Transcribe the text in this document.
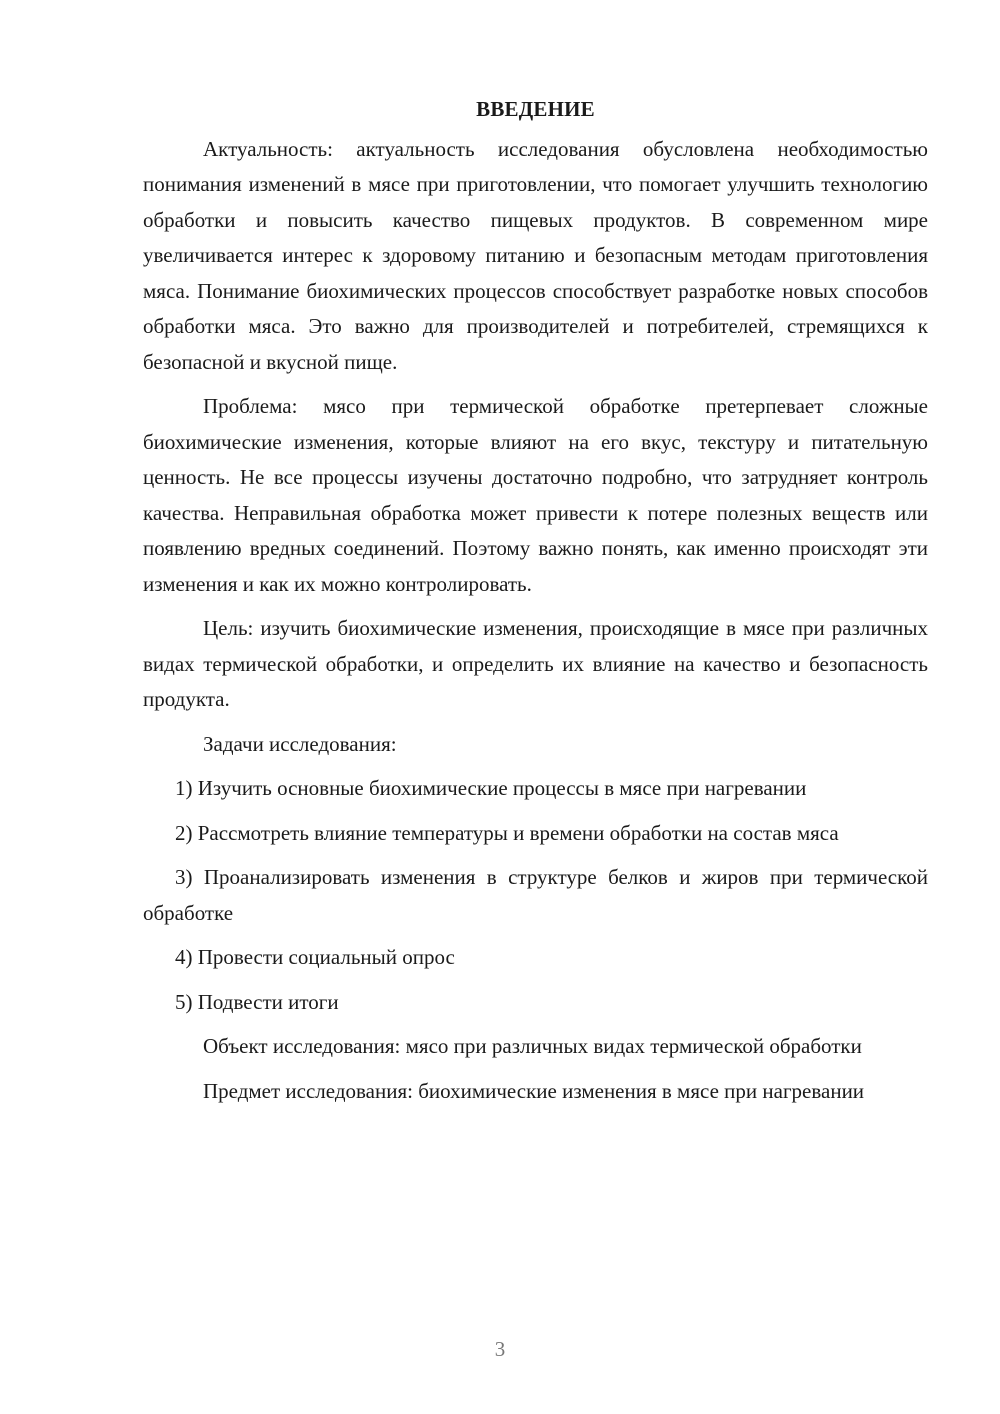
ВВЕДЕНИЕ

Актуальность: актуальность исследования обусловлена необходимостью понимания изменений в мясе при приготовлении, что помогает улучшить технологию обработки и повысить качество пищевых продуктов. В современном мире увеличивается интерес к здоровому питанию и безопасным методам приготовления мяса. Понимание биохимических процессов способствует разработке новых способов обработки мяса. Это важно для производителей и потребителей, стремящихся к безопасной и вкусной пище.

Проблема: мясо при термической обработке претерпевает сложные биохимические изменения, которые влияют на его вкус, текстуру и питательную ценность. Не все процессы изучены достаточно подробно, что затрудняет контроль качества. Неправильная обработка может привести к потере полезных веществ или появлению вредных соединений. Поэтому важно понять, как именно происходят эти изменения и как их можно контролировать.

Цель: изучить биохимические изменения, происходящие в мясе при различных видах термической обработки, и определить их влияние на качество и безопасность продукта.

Задачи исследования:

1) Изучить основные биохимические процессы в мясе при нагревании

2) Рассмотреть влияние температуры и времени обработки на состав мяса

3) Проанализировать изменения в структуре белков и жиров при термической обработке

4) Провести социальный опрос

5) Подвести итоги

Объект исследования: мясо при различных видах термической обработки

Предмет исследования: биохимические изменения в мясе при нагревании

3
